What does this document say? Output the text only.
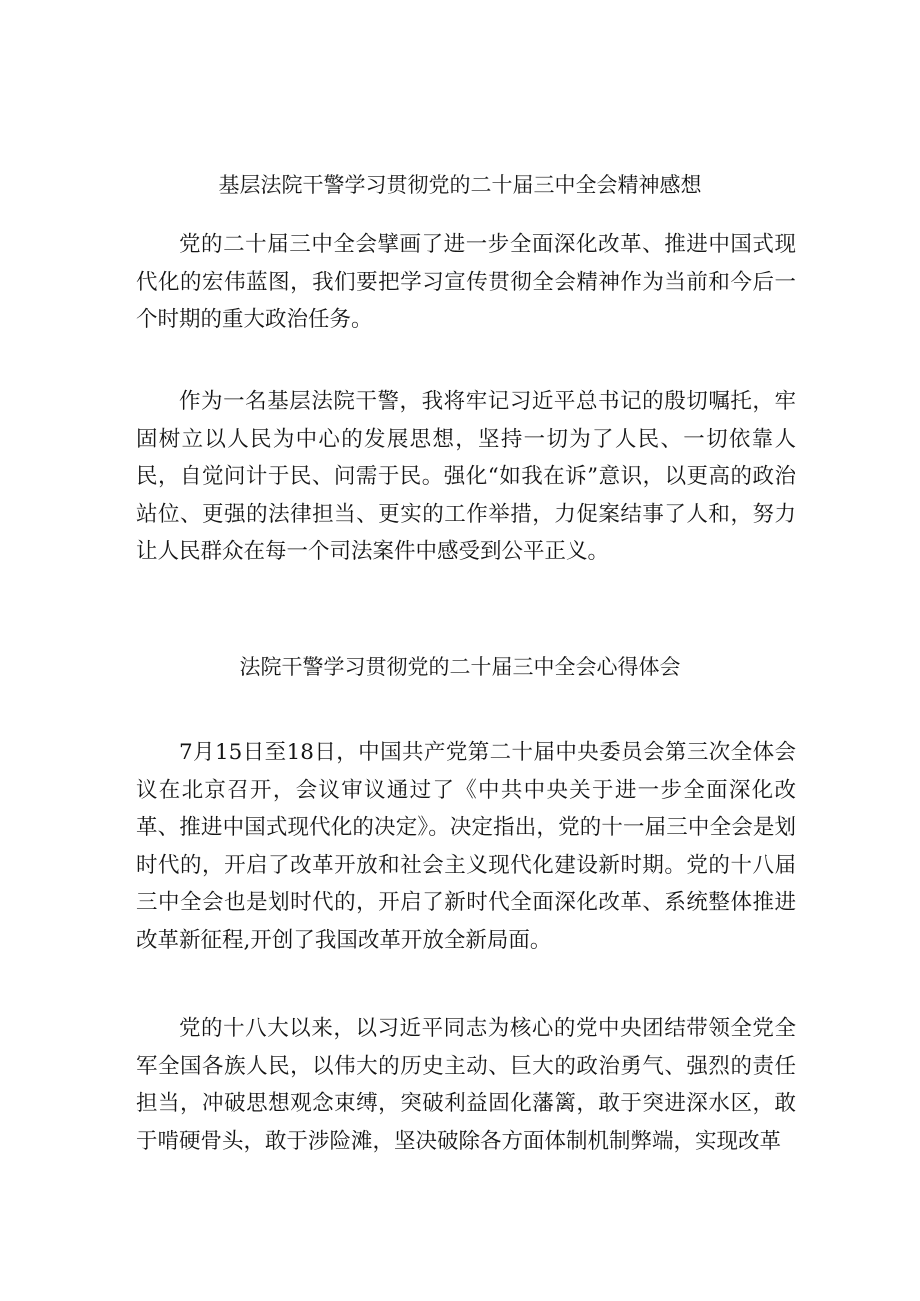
基层法院干警学习贯彻党的二十届三中全会精神感想

党的二十届三中全会擘画了进一步全面深化改革、推进中国式现代化的宏伟蓝图，我们要把学习宣传贯彻全会精神作为当前和今后一个时期的重大政治任务。

作为一名基层法院干警，我将牢记习近平总书记的殷切嘱托，牢固树立以人民为中心的发展思想，坚持一切为了人民、一切依靠人民，自觉问计于民、问需于民。强化“如我在诉”意识，以更高的政治站位、更强的法律担当、更实的工作举措，力促案结事了人和，努力让人民群众在每一个司法案件中感受到公平正义。

法院干警学习贯彻党的二十届三中全会心得体会

7月15日至18日，中国共产党第二十届中央委员会第三次全体会议在北京召开，会议审议通过了《中共中央关于进一步全面深化改革、推进中国式现代化的决定》。决定指出，党的十一届三中全会是划时代的，开启了改革开放和社会主义现代化建设新时期。党的十八届三中全会也是划时代的，开启了新时代全面深化改革、系统整体推进改革新征程,开创了我国改革开放全新局面。

党的十八大以来，以习近平同志为核心的党中央团结带领全党全军全国各族人民，以伟大的历史主动、巨大的政治勇气、强烈的责任担当，冲破思想观念束缚，突破利益固化藩篱，敢于突进深水区，敢于啃硬骨头，敢于涉险滩，坚决破除各方面体制机制弊端，实现改革
